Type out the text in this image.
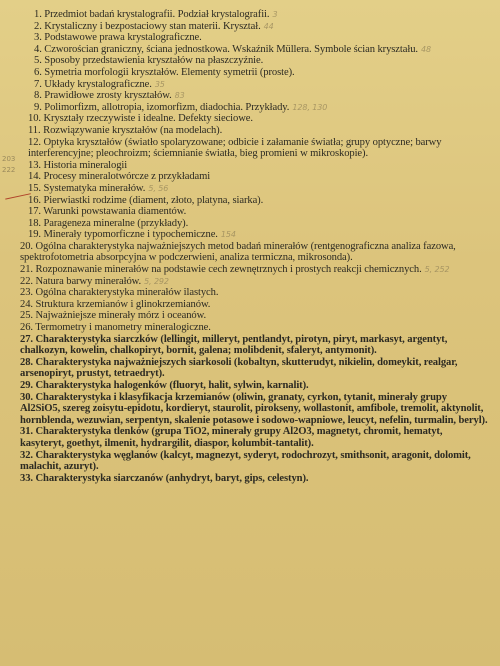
203
222
1. Przedmiot badań krystalografii. Podział krystalografii. 3
2. Krystaliczny i bezpostaciowy stan materii. Kryształ. 44
3. Podstawowe prawa krystalograficzne.
4. Czworościan graniczny, ściana jednostkowa. Wskaźnik Müllera. Symbole ścian kryształu. 48
5. Sposoby przedstawienia kryształów na płaszczyźnie.
6. Symetria morfologii kryształów. Elementy symetrii (proste).
7. Układy krystalograficzne. 35
8. Prawidłowe zrosty kryształów. 83
9. Polimorfizm, allotropia, izomorfizm, diadochia. Przykłady. 128, 130
10. Kryształy rzeczywiste i idealne. Defekty sieciowe.
11. Rozwiązywanie kryształów (na modelach).
12. Optyka kryształów (światło spolaryzowane; odbicie i załamanie światła; grupy optyczne; barwy interferencyjne; pleochroizm; ściemnianie światła, bieg promieni w mikroskopie).
13. Historia mineralogii
14. Procesy mineralotwórcze z przykładami
15. Systematyka minerałów. 5, 56
16. Pierwiastki rodzime (diament, złoto, platyna, siarka).
17. Warunki powstawania diamentów.
18. Parageneza mineralne (przykłady).
19. Minerały typomorficzne i typochemiczne. 154
20. Ogólna charakterystyka najważniejszych metod badań minerałów (rentgenograficzna analiza fazowa, spektrofotometria absorpcyjna w podczerwieni, analiza termiczna, mikrosonda).
21. Rozpoznawanie minerałów na podstawie cech zewnętrznych i prostych reakcji chemicznych. 5, 252
22. Natura barwy minerałów. 5, 292
23. Ogólna charakterystyka minerałów ilastych.
24. Struktura krzemianów i glinokrzemianów.
25. Najważniejsze minerały mórz i oceanów.
26. Termometry i manometry mineralogiczne.
27. Charakterystyka siarczków (lellingit, milleryt, pentlandyt, pirotyn, piryt, markasyt, argentyt, chalkozyn, kowelin, chalkopiryt, bornit, galena; molibdenit, sfaleryt, antymonit).
28. Charakterystyka najważniejszych siarkosoli (kobaltyn, skutterudyt, nikielin, domeykit, realgar, arsenopiryt, prustyt, tetraedryt).
29. Charakterystyka halogenków (fluoryt, halit, sylwin, karnalit).
30. Charakterystyka i klasyfikacja krzemianów (oliwin, granaty, cyrkon, tytanit, minerały grupy Al2SiO5, szereg zoisytu-epidotu, kordieryt, staurolit, pirokseny, wollastonit, amfibole, tremolit, aktynolit, hornblenda, wezuwian, serpentyn, skalenie potasowe i sodowo-wapniowe, leucyt, nefelin, turmalin, beryl).
31. Charakterystyka tlenków (grupa TiO2, minerały grupy Al2O3, magnetyt, chromit, hematyt, kasyteryt, goethyt, ilmenit, hydrargilit, diaspor, kolumbit-tantalit).
32. Charakterystyka węglanów (kalcyt, magnezyt, syderyt, rodochrozyt, smithsonit, aragonit, dolomit, malachit, azuryt).
33. Charakterystyka siarczanów (anhydryt, baryt, gips, celestyn).
